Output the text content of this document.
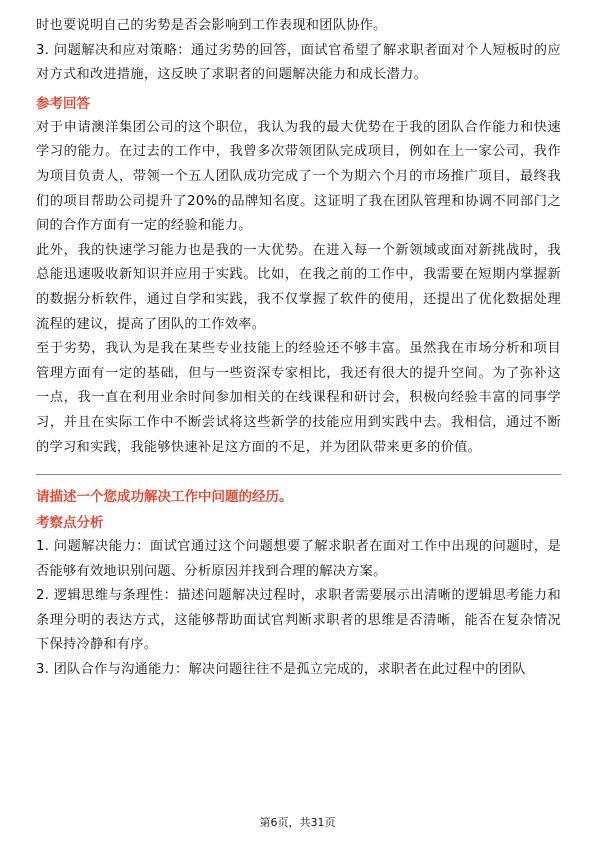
时也要说明自己的劣势是否会影响到工作表现和团队协作。

3. 问题解决和应对策略：通过劣势的回答，面试官希望了解求职者面对个人短板时的应对方式和改进措施，这反映了求职者的问题解决能力和成长潜力。

参考回答

对于申请澳洋集团公司的这个职位，我认为我的最大优势在于我的团队合作能力和快速学习的能力。在过去的工作中，我曾多次带领团队完成项目，例如在上一家公司，我作为项目负责人，带领一个五人团队成功完成了一个为期六个月的市场推广项目，最终我们的项目帮助公司提升了20%的品牌知名度。这证明了我在团队管理和协调不同部门之间的合作方面有一定的经验和能力。

此外，我的快速学习能力也是我的一大优势。在进入每一个新领域或面对新挑战时，我总能迅速吸收新知识并应用于实践。比如，在我之前的工作中，我需要在短期内掌握新的数据分析软件，通过自学和实践，我不仅掌握了软件的使用，还提出了优化数据处理流程的建议，提高了团队的工作效率。

至于劣势，我认为是我在某些专业技能上的经验还不够丰富。虽然我在市场分析和项目管理方面有一定的基础，但与一些资深专家相比，我还有很大的提升空间。为了弥补这一点，我一直在利用业余时间参加相关的在线课程和研讨会，积极向经验丰富的同事学习，并且在实际工作中不断尝试将这些新学的技能应用到实践中去。我相信，通过不断的学习和实践，我能够快速补足这方面的不足，并为团队带来更多的价值。

请描述一个您成功解决工作中问题的经历。

考察点分析

1. 问题解决能力：面试官通过这个问题想要了解求职者在面对工作中出现的问题时，是否能够有效地识别问题、分析原因并找到合理的解决方案。

2. 逻辑思维与条理性：描述问题解决过程时，求职者需要展示出清晰的逻辑思考能力和条理分明的表达方式，这能够帮助面试官判断求职者的思维是否清晰，能否在复杂情况下保持冷静和有序。

3. 团队合作与沟通能力：解决问题往往不是孤立完成的，求职者在此过程中的团队

第6页，共31页
